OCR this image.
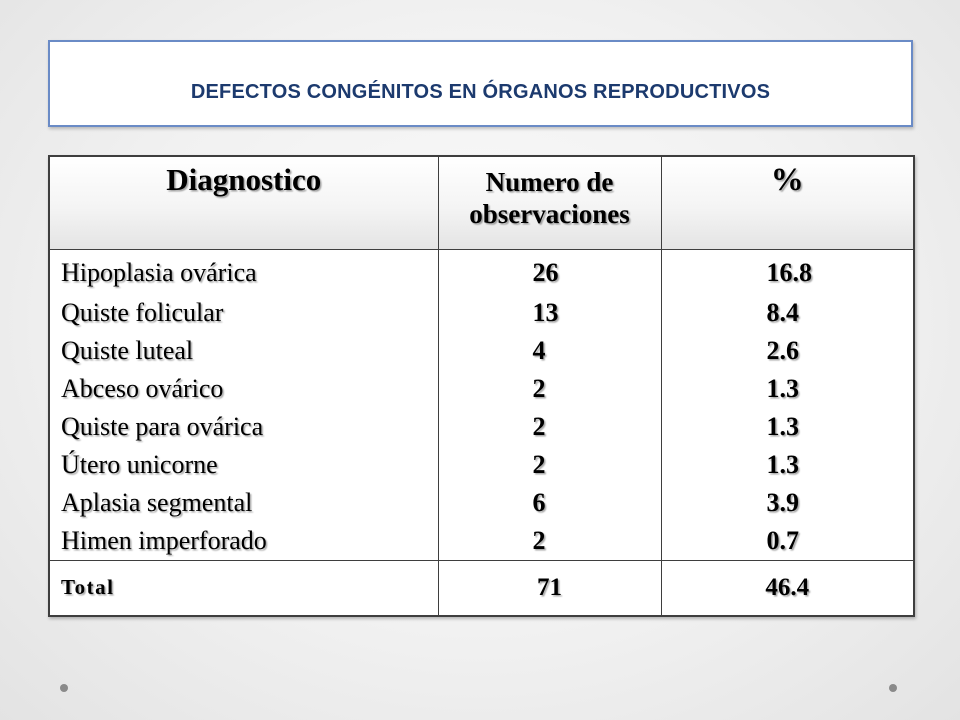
DEFECTOS CONGÉNITOS EN ÓRGANOS REPRODUCTIVOS
Diagnostico	Numero de observaciones	%
Hipoplasia ovárica	26	16.8
Quiste folicular	13	8.4
Quiste luteal	4	2.6
Abceso ovárico	2	1.3
Quiste para ovárica	2	1.3
Útero unicorne	2	1.3
Aplasia segmental	6	3.9
Himen imperforado	2	0.7
Total	71	46.4
